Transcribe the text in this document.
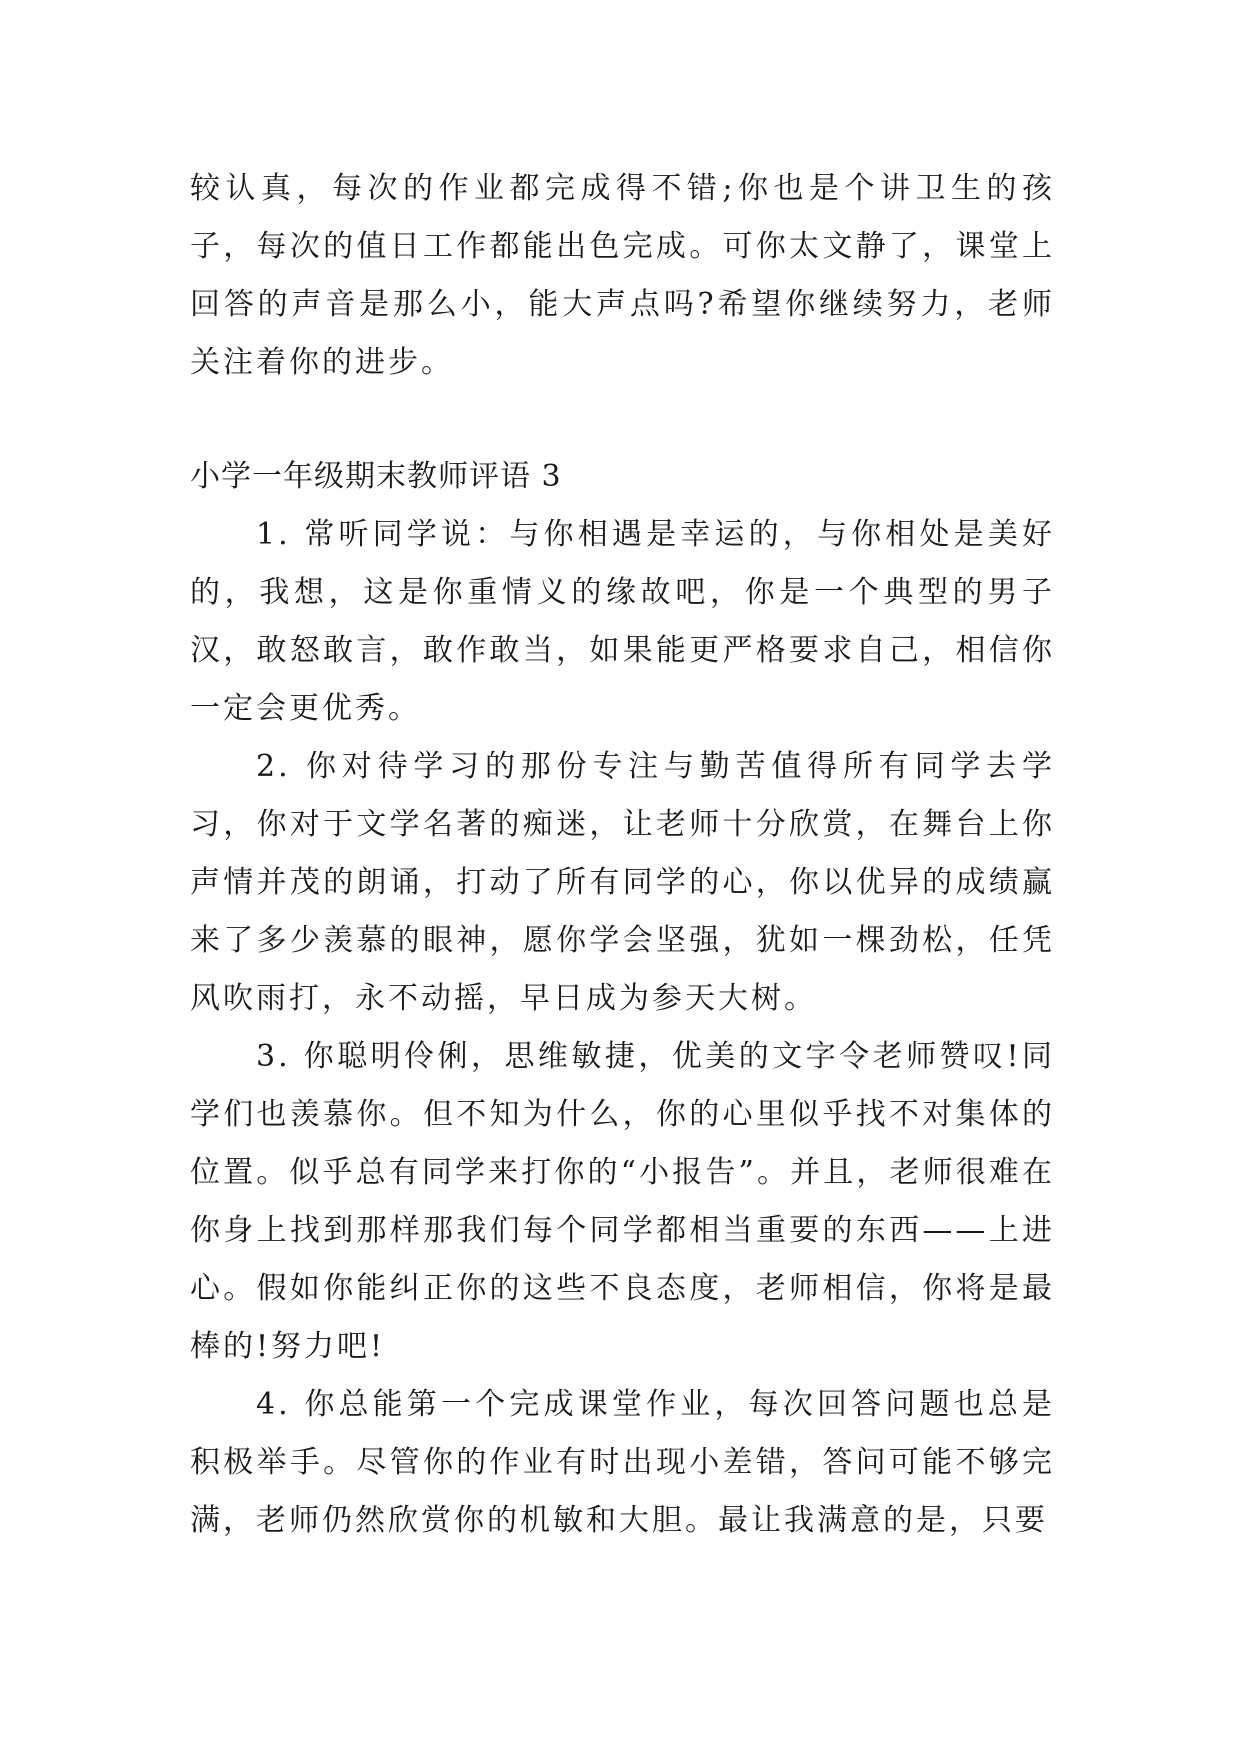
较认真，每次的作业都完成得不错;你也是个讲卫生的孩子，每次的值日工作都能出色完成。可你太文静了，课堂上回答的声音是那么小，能大声点吗?希望你继续努力，老师关注着你的进步。

小学一年级期末教师评语 3

1. 常听同学说：与你相遇是幸运的，与你相处是美好的，我想，这是你重情义的缘故吧，你是一个典型的男子汉，敢怒敢言，敢作敢当，如果能更严格要求自己，相信你一定会更优秀。

2. 你对待学习的那份专注与勤苦值得所有同学去学习，你对于文学名著的痴迷，让老师十分欣赏，在舞台上你声情并茂的朗诵，打动了所有同学的心，你以优异的成绩赢来了多少羡慕的眼神，愿你学会坚强，犹如一棵劲松，任凭风吹雨打，永不动摇，早日成为参天大树。

3. 你聪明伶俐，思维敏捷，优美的文字令老师赞叹!同学们也羡慕你。但不知为什么，你的心里似乎找不对集体的位置。似乎总有同学来打你的“小报告”。并且，老师很难在你身上找到那样那我们每个同学都相当重要的东西——上进心。假如你能纠正你的这些不良态度，老师相信，你将是最棒的!努力吧!

4. 你总能第一个完成课堂作业，每次回答问题也总是积极举手。尽管你的作业有时出现小差错，答问可能不够完满，老师仍然欣赏你的机敏和大胆。最让我满意的是，只要
